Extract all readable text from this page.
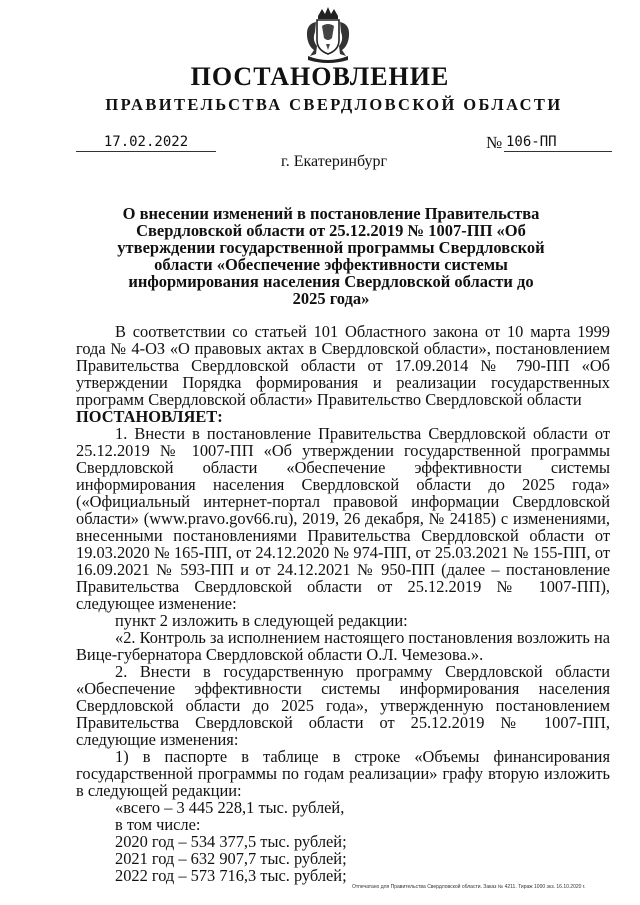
ПОСТАНОВЛЕНИЕ
ПРАВИТЕЛЬСТВА СВЕРДЛОВСКОЙ ОБЛАСТИ
17.02.2022	№ 106-ПП
г. Екатеринбург
О внесении изменений в постановление Правительства Свердловской области от 25.12.2019 № 1007-ПП «Об утверждении государственной программы Свердловской области «Обеспечение эффективности системы информирования населения Свердловской области до 2025 года»

В соответствии со статьей 101 Областного закона от 10 марта 1999 года № 4-ОЗ «О правовых актах в Свердловской области», постановлением Правительства Свердловской области от 17.09.2014 № 790-ПП «Об утверждении Порядка формирования и реализации государственных программ Свердловской области» Правительство Свердловской области

ПОСТАНОВЛЯЕТ:

1. Внести в постановление Правительства Свердловской области от 25.12.2019 № 1007-ПП «Об утверждении государственной программы Свердловской области «Обеспечение эффективности системы информирования населения Свердловской области до 2025 года» («Официальный интернет-портал правовой информации Свердловской области» (www.pravo.gov66.ru), 2019, 26 декабря, № 24185) с изменениями, внесенными постановлениями Правительства Свердловской области от 19.03.2020 № 165-ПП, от 24.12.2020 № 974-ПП, от 25.03.2021 № 155-ПП, от 16.09.2021 № 593-ПП и от 24.12.2021 № 950-ПП (далее – постановление Правительства Свердловской области от 25.12.2019 № 1007-ПП), следующее изменение:

пункт 2 изложить в следующей редакции:

«2. Контроль за исполнением настоящего постановления возложить на Вице-губернатора Свердловской области О.Л. Чемезова.».

2. Внести в государственную программу Свердловской области «Обеспечение эффективности системы информирования населения Свердловской области до 2025 года», утвержденную постановлением Правительства Свердловской области от 25.12.2019 № 1007-ПП, следующие изменения:

1) в паспорте в таблице в строке «Объемы финансирования государственной программы по годам реализации» графу вторую изложить в следующей редакции:

«всего – 3 445 228,1 тыс. рублей,

в том числе:

2020 год – 534 377,5 тыс. рублей;

2021 год – 632 907,7 тыс. рублей;

2022 год – 573 716,3 тыс. рублей;

Отпечатано для Правительства Свердловской области. Заказ № 4211. Тираж 1000 экз. 16.10.2020 г.
